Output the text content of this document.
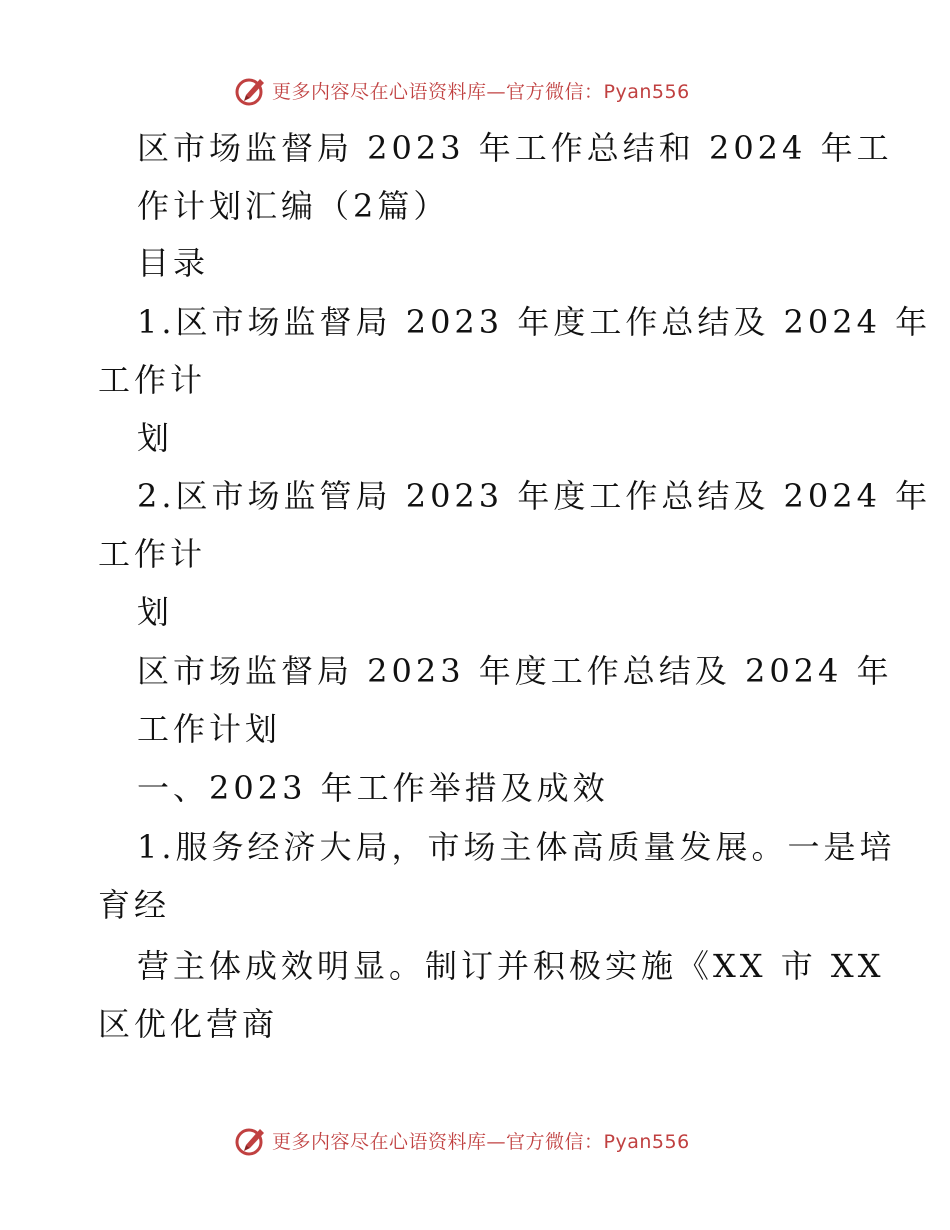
更多内容尽在心语资料库—官方微信：Pyan556
区市场监督局 2023 年工作总结和 2024 年工
作计划汇编（2篇）
目录
1.区市场监督局 2023 年度工作总结及 2024 年
工作计
划
2.区市场监管局 2023 年度工作总结及 2024 年
工作计
划
区市场监督局 2023 年度工作总结及 2024 年
工作计划
一、2023 年工作举措及成效
1.服务经济大局，市场主体高质量发展。一是培
育经
营主体成效明显。制订并积极实施《XX 市 XX
区优化营商
更多内容尽在心语资料库—官方微信：Pyan556
